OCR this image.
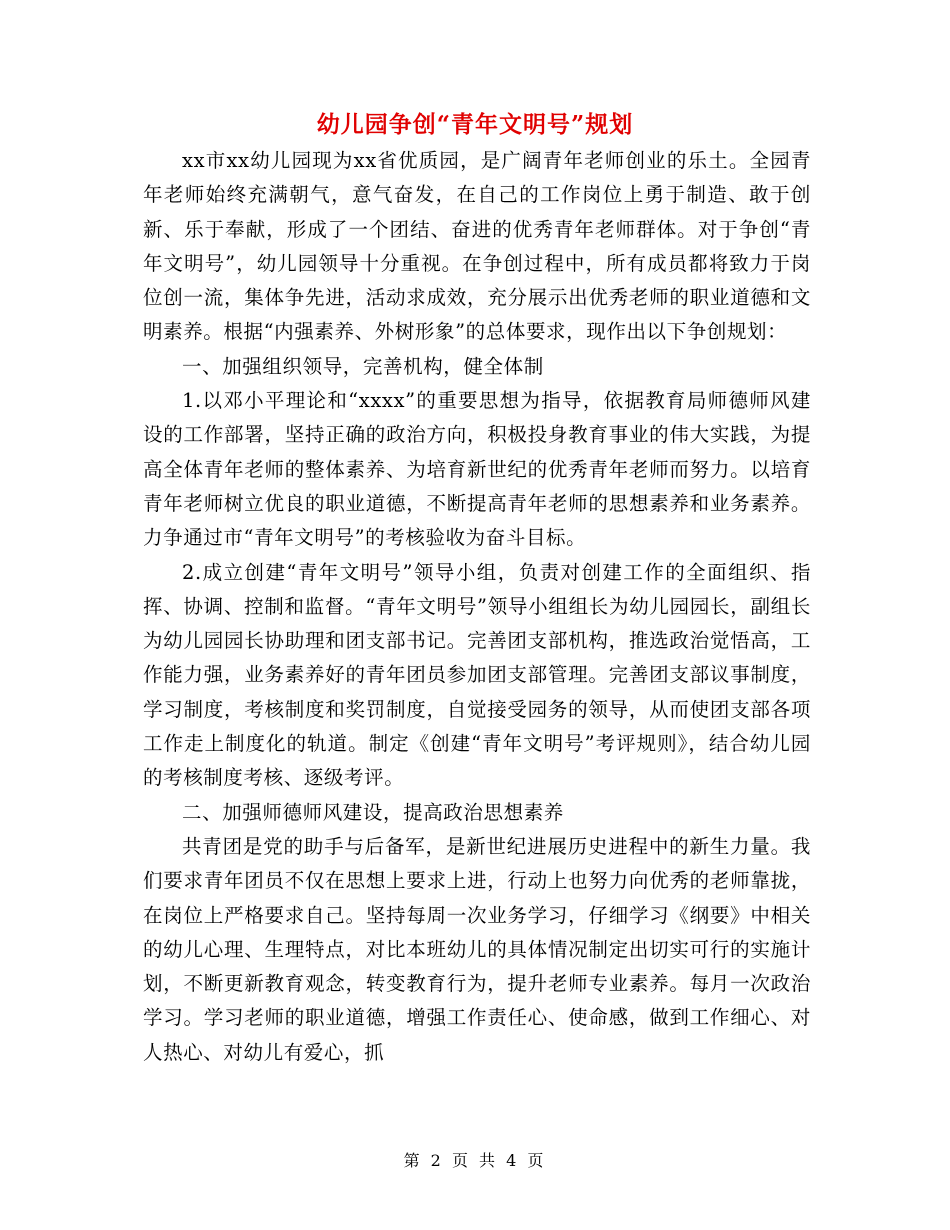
幼儿园争创“青年文明号”规划

xx市xx幼儿园现为xx省优质园，是广阔青年老师创业的乐土。全园青年老师始终充满朝气，意气奋发，在自己的工作岗位上勇于制造、敢于创新、乐于奉献，形成了一个团结、奋进的优秀青年老师群体。对于争创“青年文明号”，幼儿园领导十分重视。在争创过程中，所有成员都将致力于岗位创一流，集体争先进，活动求成效，充分展示出优秀老师的职业道德和文明素养。根据“内强素养、外树形象”的总体要求，现作出以下争创规划：

一、加强组织领导，完善机构，健全体制

1.以邓小平理论和“xxxx”的重要思想为指导，依据教育局师德师风建设的工作部署，坚持正确的政治方向，积极投身教育事业的伟大实践，为提高全体青年老师的整体素养、为培育新世纪的优秀青年老师而努力。以培育青年老师树立优良的职业道德，不断提高青年老师的思想素养和业务素养。力争通过市“青年文明号”的考核验收为奋斗目标。

2.成立创建“青年文明号”领导小组，负责对创建工作的全面组织、指挥、协调、控制和监督。“青年文明号”领导小组组长为幼儿园园长，副组长为幼儿园园长协助理和团支部书记。完善团支部机构，推选政治觉悟高，工作能力强，业务素养好的青年团员参加团支部管理。完善团支部议事制度，学习制度，考核制度和奖罚制度，自觉接受园务的领导，从而使团支部各项工作走上制度化的轨道。制定《创建“青年文明号”考评规则》，结合幼儿园的考核制度考核、逐级考评。

二、加强师德师风建设，提高政治思想素养

共青团是党的助手与后备军，是新世纪进展历史进程中的新生力量。我们要求青年团员不仅在思想上要求上进，行动上也努力向优秀的老师靠拢，在岗位上严格要求自己。坚持每周一次业务学习，仔细学习《纲要》中相关的幼儿心理、生理特点，对比本班幼儿的具体情况制定出切实可行的实施计划，不断更新教育观念，转变教育行为，提升老师专业素养。每月一次政治学习。学习老师的职业道德，增强工作责任心、使命感，做到工作细心、对人热心、对幼儿有爱心，抓

第 2 页 共 4 页
